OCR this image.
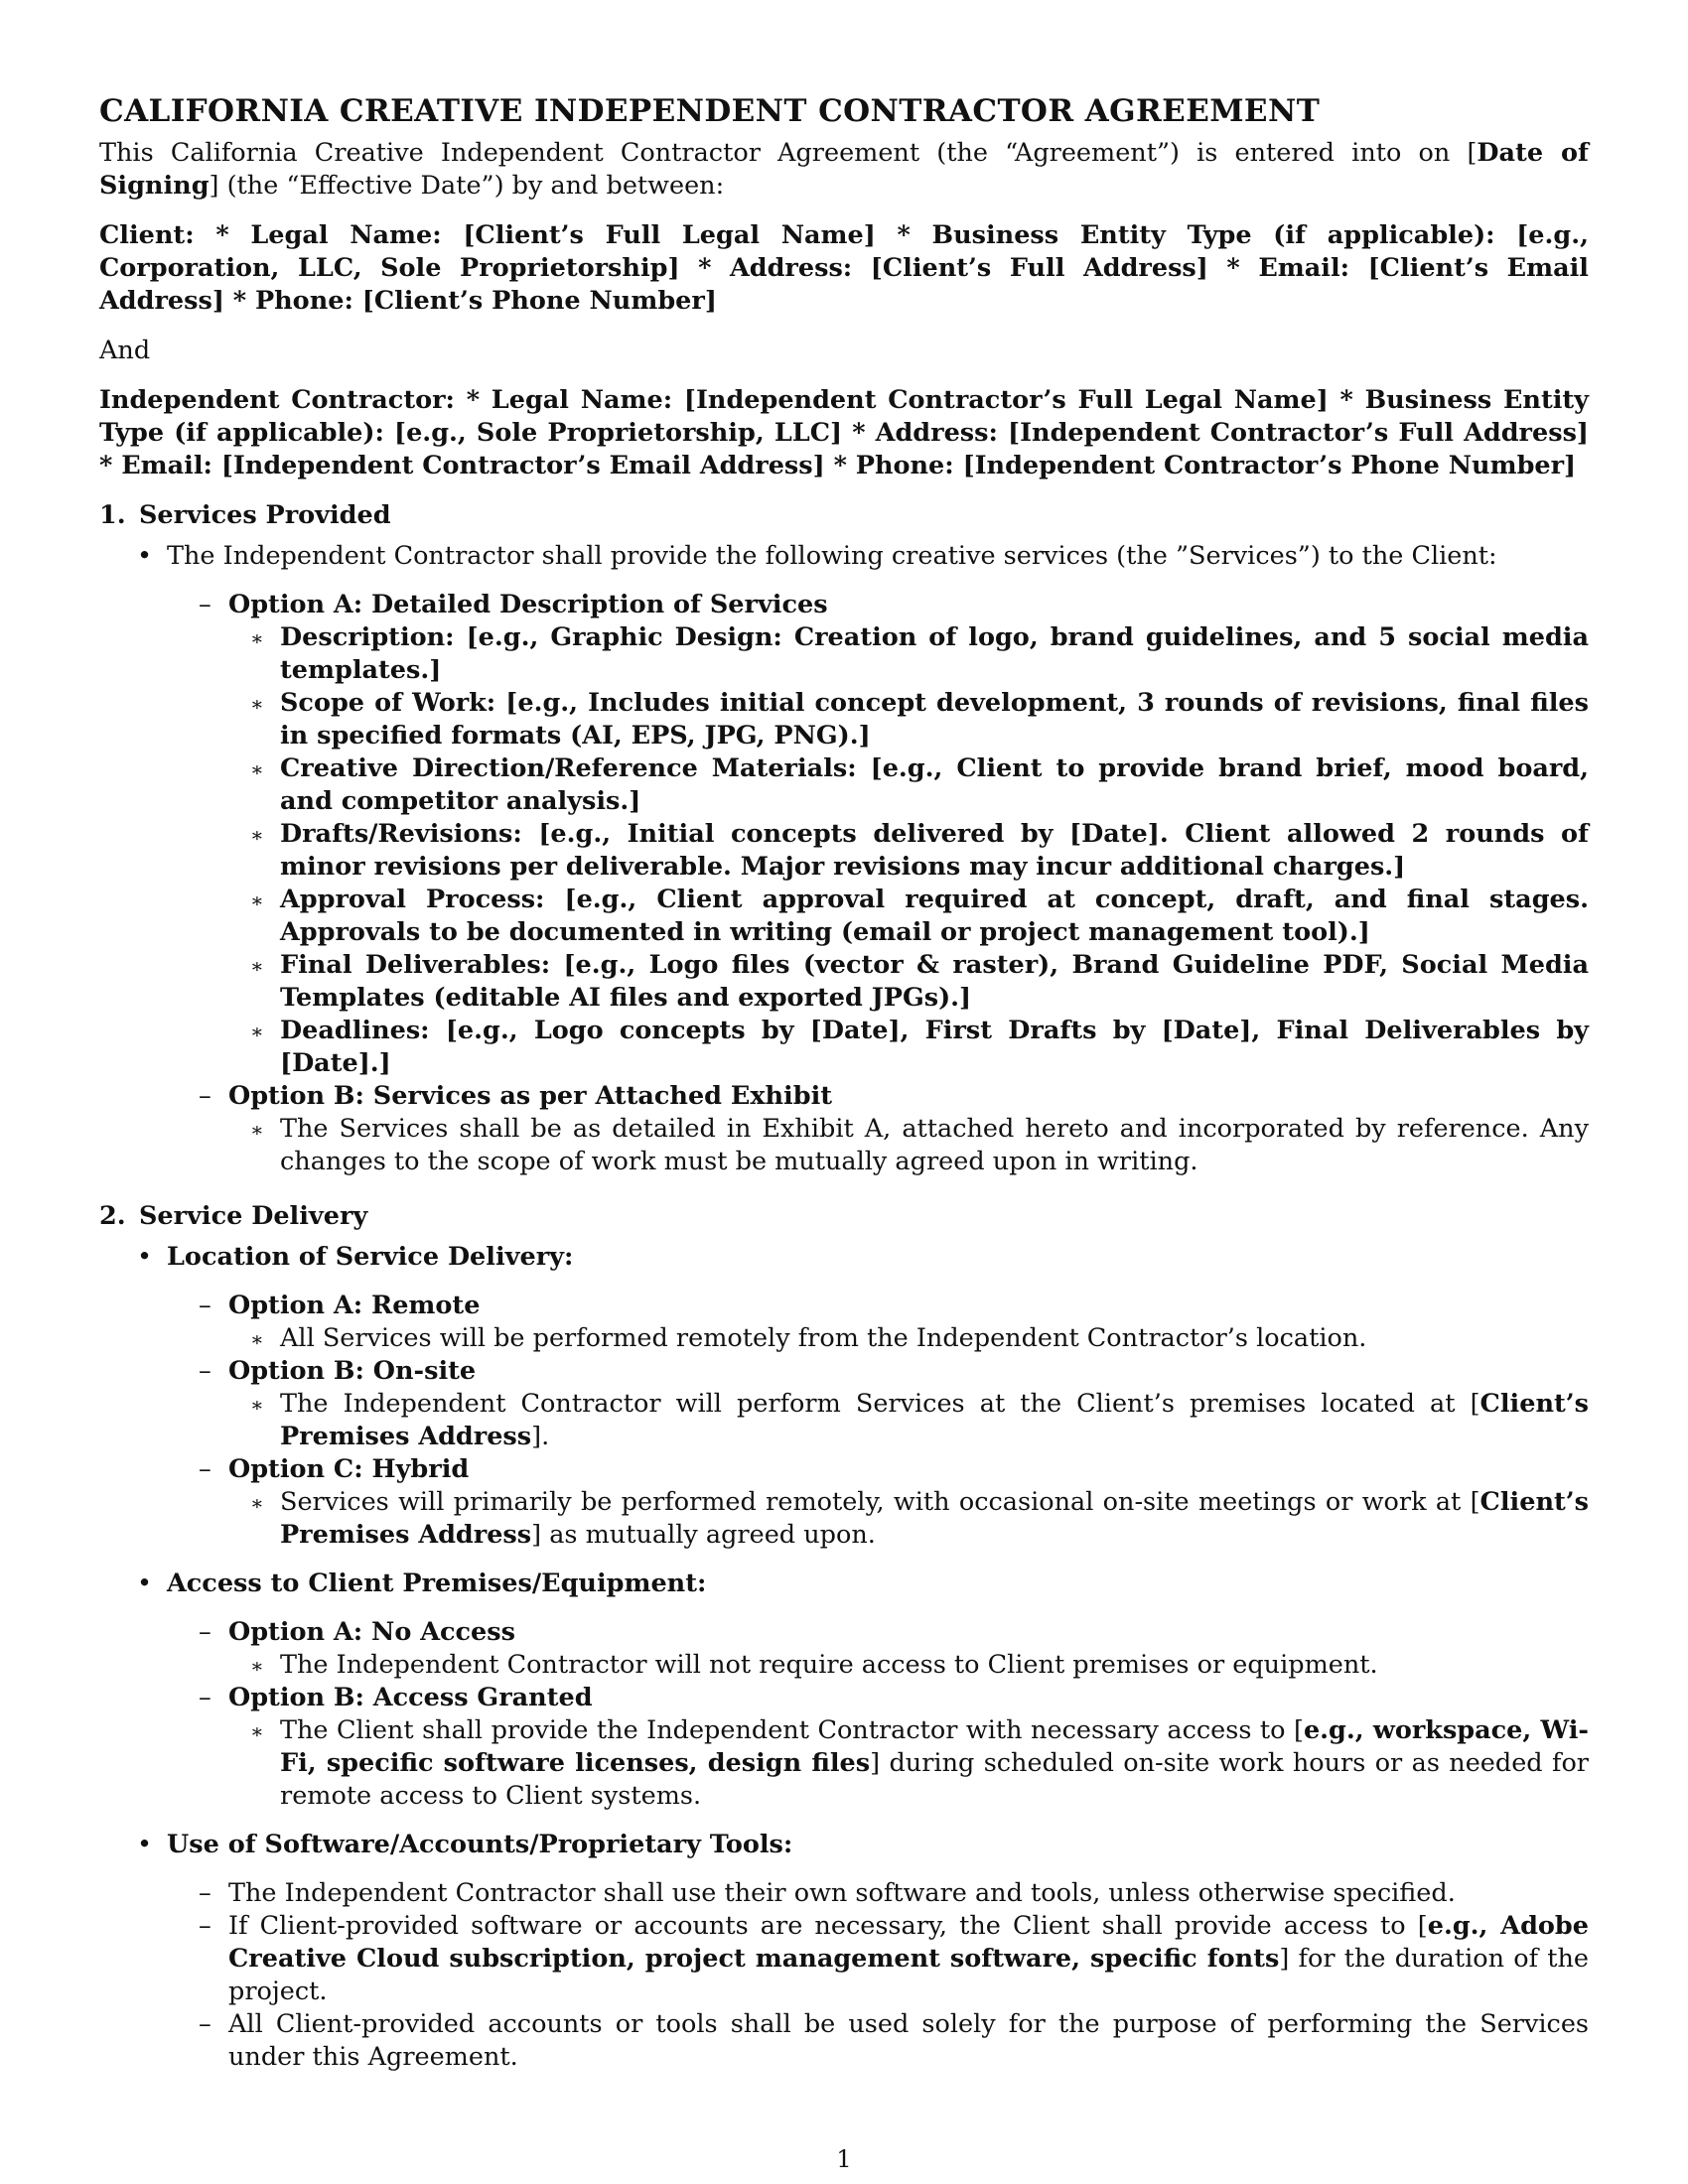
CALIFORNIA CREATIVE INDEPENDENT CONTRACTOR AGREEMENT

This California Creative Independent Contractor Agreement (the “Agreement”) is entered into on [Date of Signing] (the “Effective Date”) by and between:

Client: * Legal Name: [Client’s Full Legal Name] * Business Entity Type (if applicable): [e.g., Corporation, LLC, Sole Proprietorship] * Address: [Client’s Full Address] * Email: [Client’s Email Address] * Phone: [Client’s Phone Number]

And

Independent Contractor: * Legal Name: [Independent Contractor’s Full Legal Name] * Business Entity Type (if applicable): [e.g., Sole Proprietorship, LLC] * Address: [Independent Contractor’s Full Address] * Email: [Independent Contractor’s Email Address] * Phone: [Independent Contractor’s Phone Number]

1. Services Provided
• The Independent Contractor shall provide the following creative services (the ”Services”) to the Client:
– Option A: Detailed Description of Services
∗ Description: [e.g., Graphic Design: Creation of logo, brand guidelines, and 5 social media templates.]
∗ Scope of Work: [e.g., Includes initial concept development, 3 rounds of revisions, final files in specified formats (AI, EPS, JPG, PNG).]
∗ Creative Direction/Reference Materials: [e.g., Client to provide brand brief, mood board, and competitor analysis.]
∗ Drafts/Revisions: [e.g., Initial concepts delivered by [Date]. Client allowed 2 rounds of minor revisions per deliverable. Major revisions may incur additional charges.]
∗ Approval Process: [e.g., Client approval required at concept, draft, and final stages. Approvals to be documented in writing (email or project management tool).]
∗ Final Deliverables: [e.g., Logo files (vector & raster), Brand Guideline PDF, Social Media Templates (editable AI files and exported JPGs).]
∗ Deadlines: [e.g., Logo concepts by [Date], First Drafts by [Date], Final Deliverables by [Date].]
– Option B: Services as per Attached Exhibit
∗ The Services shall be as detailed in Exhibit A, attached hereto and incorporated by reference. Any changes to the scope of work must be mutually agreed upon in writing.
2. Service Delivery
• Location of Service Delivery:
– Option A: Remote
∗ All Services will be performed remotely from the Independent Contractor’s location.
– Option B: On-site
∗ The Independent Contractor will perform Services at the Client’s premises located at [Client’s Premises Address].
– Option C: Hybrid
∗ Services will primarily be performed remotely, with occasional on-site meetings or work at [Client’s Premises Address] as mutually agreed upon.
• Access to Client Premises/Equipment:
– Option A: No Access
∗ The Independent Contractor will not require access to Client premises or equipment.
– Option B: Access Granted
∗ The Client shall provide the Independent Contractor with necessary access to [e.g., workspace, Wi-Fi, specific software licenses, design files] during scheduled on-site work hours or as needed for remote access to Client systems.
• Use of Software/Accounts/Proprietary Tools:
– The Independent Contractor shall use their own software and tools, unless otherwise specified.
– If Client-provided software or accounts are necessary, the Client shall provide access to [e.g., Adobe Creative Cloud subscription, project management software, specific fonts] for the duration of the project.
– All Client-provided accounts or tools shall be used solely for the purpose of performing the Services under this Agreement.
1
